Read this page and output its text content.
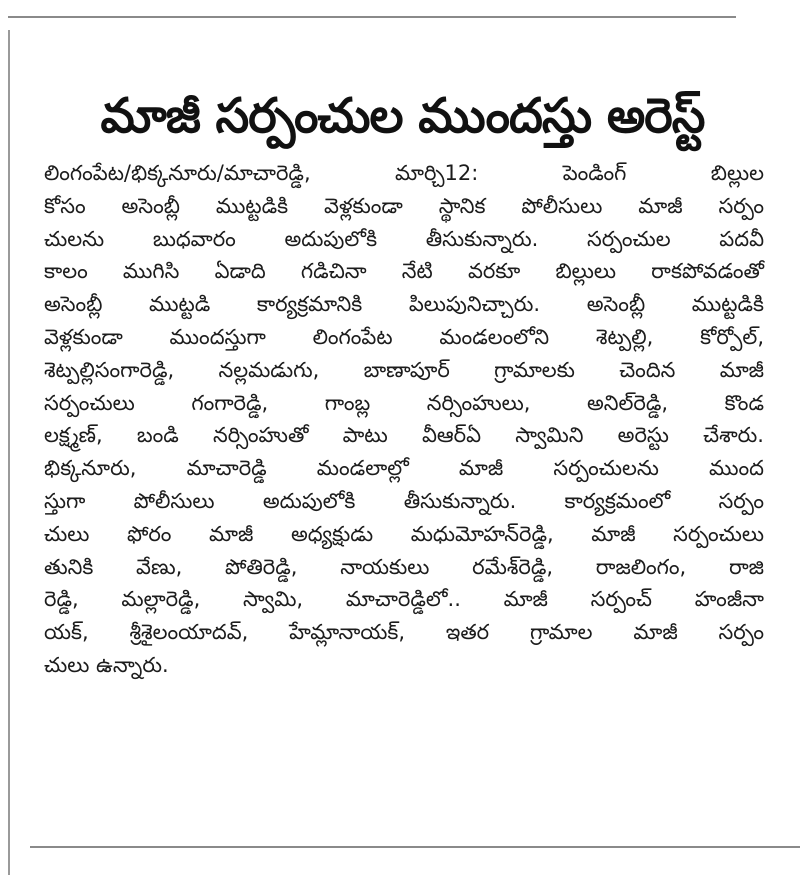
మాజీ సర్పంచుల ముందస్తు అరెస్ట్
లింగంపేట/భిక్కనూరు/మాచారెడ్డి, మార్చి12: పెండింగ్ బిల్లుల
కోసం అసెంబ్లీ ముట్టడికి వెళ్లకుండా స్థానిక పోలీసులు మాజీ సర్పం
చులను బుధవారం అదుపులోకి తీసుకున్నారు. సర్పంచుల పదవీ
కాలం ముగిసి ఏడాది గడిచినా నేటి వరకూ బిల్లులు రాకపోవడంతో
అసెంబ్లీ ముట్టడి కార్యక్రమానికి పిలుపునిచ్చారు. అసెంబ్లీ ముట్టడికి
వెళ్లకుండా ముందస్తుగా లింగంపేట మండలంలోని శెట్పల్లి, కోర్పోల్,
శెట్పల్లిసంగారెడ్డి, నల్లమడుగు, బాణాపూర్ గ్రామాలకు చెందిన మాజీ
సర్పంచులు గంగారెడ్డి, గాంబ్ల నర్సింహులు, అనిల్‌రెడ్డి, కొండ
లక్ష్మణ్, బండి నర్సింహుతో పాటు వీఆర్ఏ స్వామిని అరెస్టు చేశారు.
భిక్కనూరు, మాచారెడ్డి మండలాల్లో మాజీ సర్పంచులను ముంద
స్తుగా పోలీసులు అదుపులోకి తీసుకున్నారు. కార్యక్రమంలో సర్పం
చులు ఫోరం మాజీ అధ్యక్షుడు మధుమోహన్‌రెడ్డి, మాజీ సర్పంచులు
తునికి వేణు, పోతిరెడ్డి, నాయకులు రమేశ్‌రెడ్డి, రాజలింగం, రాజి
రెడ్డి, మల్లారెడ్డి, స్వామి, మాచారెడ్డిలో.. మాజీ సర్పంచ్ హంజీనా
యక్, శ్రీశైలంయాదవ్, హేమ్లానాయక్, ఇతర గ్రామాల మాజీ సర్పం
చులు ఉన్నారు.
